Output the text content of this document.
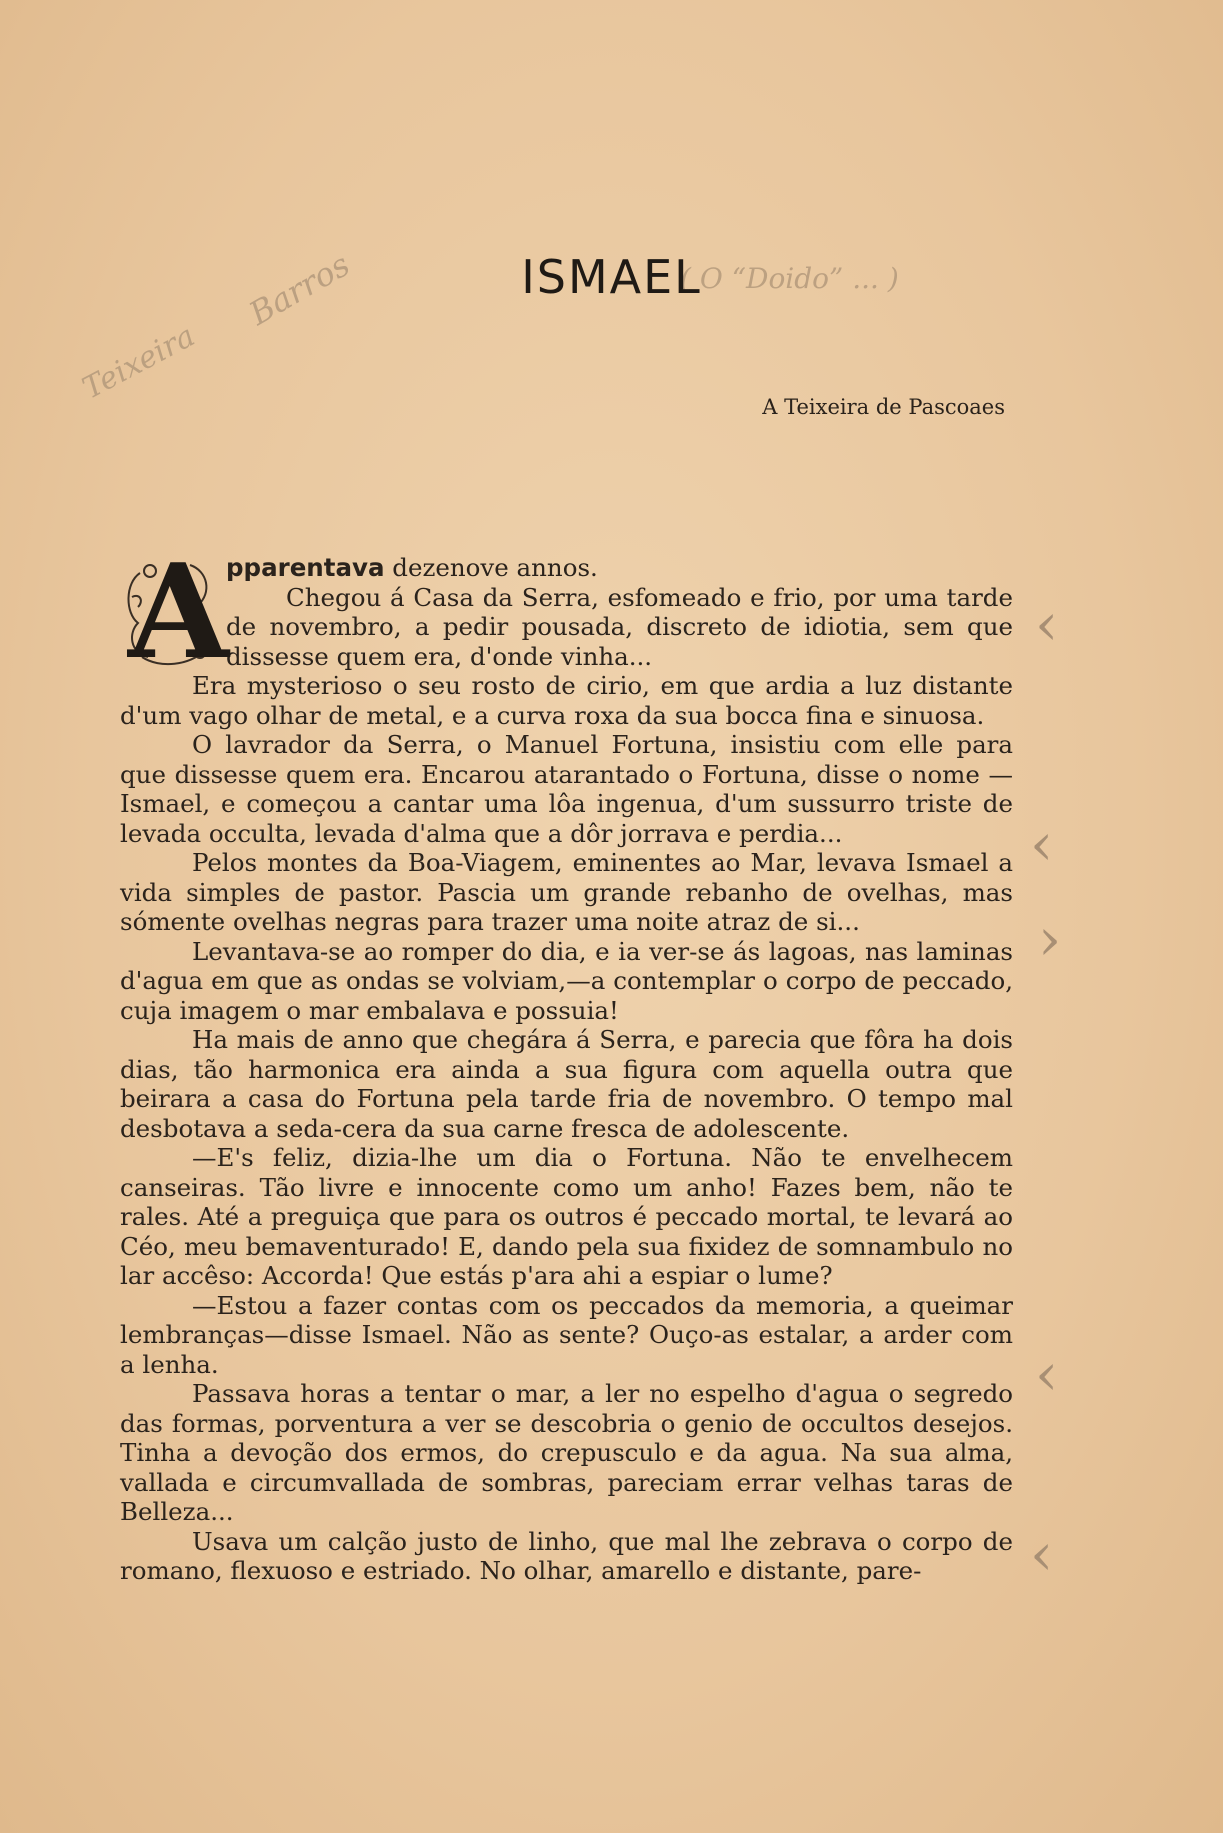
( O “Doido” ... )
Barros
Teixeira
ISMAEL
A Teixeira de Pascoaes

A
pparentava dezenove annos.
Chegou á Casa da Serra, esfomeado e frio, por uma tarde de novembro, a pedir pousada, discreto de idiotia, sem que dissesse quem era, d'onde vinha...

Era mysterioso o seu rosto de cirio, em que ardia a luz distante d'um vago olhar de metal, e a curva roxa da sua bocca fina e sinuosa.

O lavrador da Serra, o Manuel Fortuna, insistiu com elle para que dissesse quem era. Encarou atarantado o Fortuna, disse o nome —Ismael, e começou a cantar uma lôa ingenua, d'um sussurro triste de levada occulta, levada d'alma que a dôr jorrava e perdia...

Pelos montes da Boa-Viagem, eminentes ao Mar, levava Ismael a vida simples de pastor. Pascia um grande rebanho de ovelhas, mas sómente ovelhas negras para trazer uma noite atraz de si...

Levantava-se ao romper do dia, e ia ver-se ás lagoas, nas laminas d'agua em que as ondas se volviam,—a contemplar o corpo de peccado, cuja imagem o mar embalava e possuia!

Ha mais de anno que chegára á Serra, e parecia que fôra ha dois dias, tão harmonica era ainda a sua figura com aquella outra que beirara a casa do Fortuna pela tarde fria de novembro. O tempo mal desbotava a seda-cera da sua carne fresca de adolescente.

—E's feliz, dizia-lhe um dia o Fortuna. Não te envelhecem canseiras. Tão livre e innocente como um anho! Fazes bem, não te rales. Até a preguiça que para os outros é peccado mortal, te levará ao Céo, meu bemaventurado! E, dando pela sua fixidez de somnambulo no lar accêso: Accorda! Que estás p'ara ahi a espiar o lume?

—Estou a fazer contas com os peccados da memoria, a queimar lembranças—disse Ismael. Não as sente? Ouço-as estalar, a arder com a lenha.

Passava horas a tentar o mar, a ler no espelho d'agua o segredo das formas, porventura a ver se descobria o genio de occultos desejos. Tinha a devoção dos ermos, do crepusculo e da agua. Na sua alma, vallada e circumvallada de sombras, pareciam errar velhas taras de Belleza...

Usava um calção justo de linho, que mal lhe zebrava o corpo de romano, flexuoso e estriado. No olhar, amarello e distante, pare-

‹
‹
›
‹
‹
